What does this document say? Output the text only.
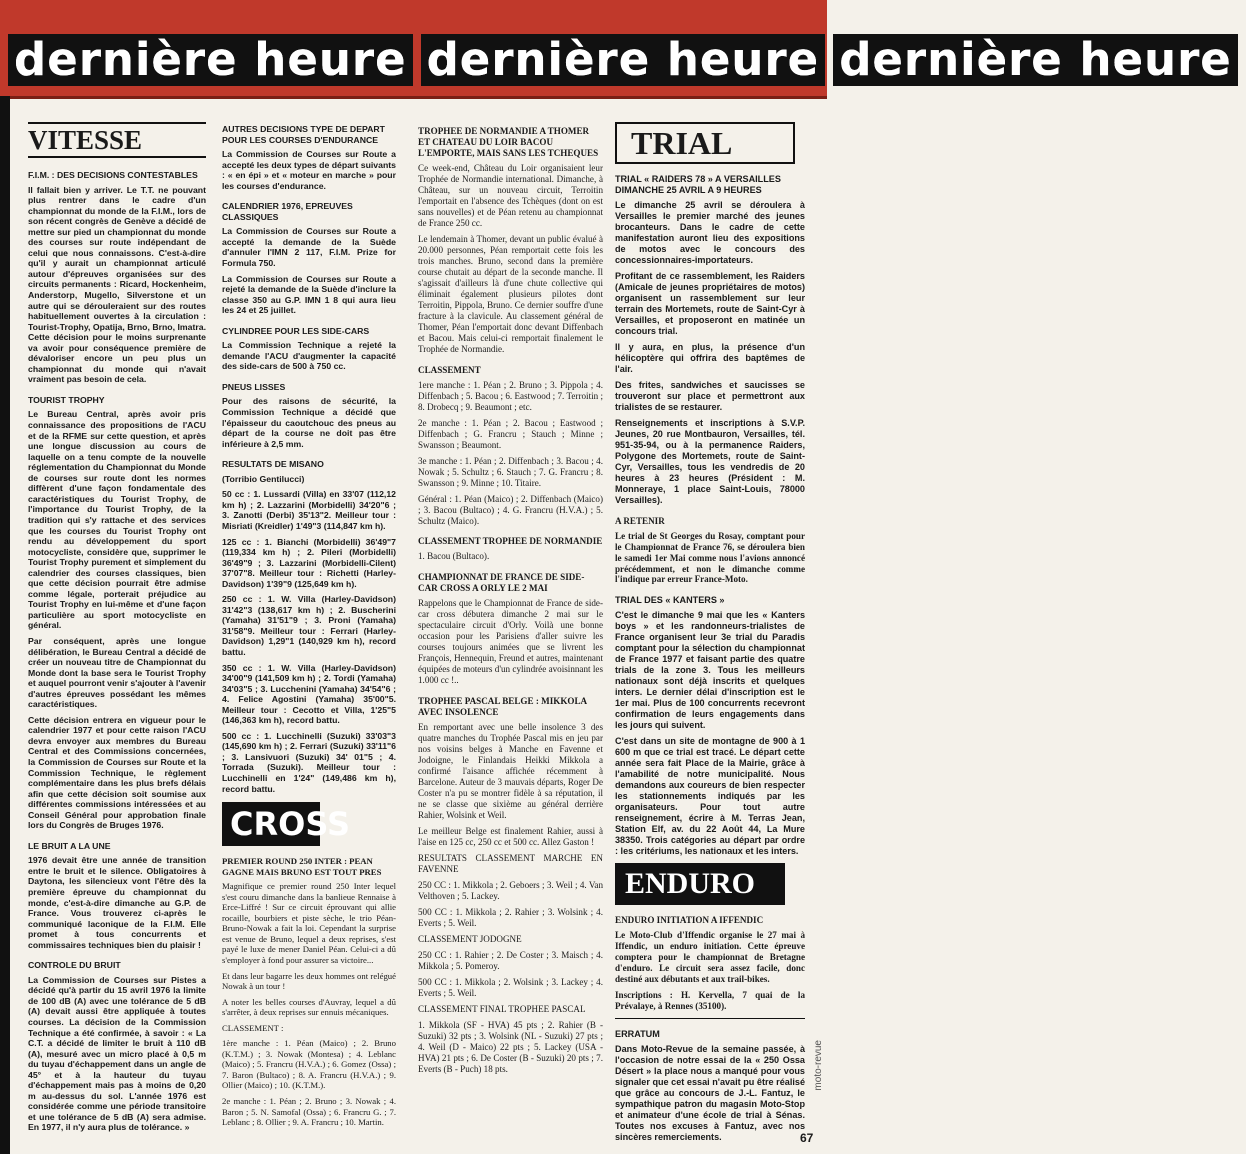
dernière heure dernière heure dernière heure
VITESSE
F.I.M. : DES DECISIONS CONTESTABLES

Il fallait bien y arriver. Le T.T. ne pouvant plus rentrer dans le cadre d'un championnat du monde de la F.I.M., lors de son récent congrès de Genève a décidé de mettre sur pied un championnat du monde des courses sur route indépendant de celui que nous connaissons. C'est-à-dire qu'il y aurait un championnat articulé autour d'épreuves organisées sur des circuits permanents : Ricard, Hockenheim, Anderstorp, Mugello, Silverstone et un autre qui se dérouleraient sur des routes habituellement ouvertes à la circulation : Tourist-Trophy, Opatija, Brno, Brno, Imatra. Cette décision pour le moins surprenante va avoir pour conséquence première de dévaloriser encore un peu plus un championnat du monde qui n'avait vraiment pas besoin de cela.

TOURIST TROPHY

Le Bureau Central, après avoir pris connaissance des propositions de l'ACU et de la RFME sur cette question, et après une longue discussion au cours de laquelle on a tenu compte de la nouvelle réglementation du Championnat du Monde de courses sur route dont les normes diffèrent d'une façon fondamentale des caractéristiques du Tourist Trophy, de l'importance du Tourist Trophy, de la tradition qui s'y rattache et des services que les courses du Tourist Trophy ont rendu au développement du sport motocycliste, considère que, supprimer le Tourist Trophy purement et simplement du calendrier des courses classiques, bien que cette décision pourrait être admise comme légale, porterait préjudice au Tourist Trophy en lui-même et d'une façon particulière au sport motocycliste en général.

Par conséquent, après une longue délibération, le Bureau Central a décidé de créer un nouveau titre de Championnat du Monde dont la base sera le Tourist Trophy et auquel pourront venir s'ajouter à l'avenir d'autres épreuves possédant les mêmes caractéristiques.

Cette décision entrera en vigueur pour le calendrier 1977 et pour cette raison l'ACU devra envoyer aux membres du Bureau Central et des Commissions concernées, la Commission de Courses sur Route et la Commission Technique, le règlement complémentaire dans les plus brefs délais afin que cette décision soit soumise aux différentes commissions intéressées et au Conseil Général pour approbation finale lors du Congrès de Bruges 1976.

LE BRUIT A LA UNE

1976 devait être une année de transition entre le bruit et le silence. Obligatoires à Daytona, les silencieux vont l'être dès la première épreuve du championnat du monde, c'est-à-dire dimanche au G.P. de France. Vous trouverez ci-après le communiqué laconique de la F.I.M. Elle promet à tous concurrents et commissaires techniques bien du plaisir !

CONTROLE DU BRUIT

La Commission de Courses sur Pistes a décidé qu'à partir du 15 avril 1976 la limite de 100 dB (A) avec une tolérance de 5 dB (A) devait aussi être appliquée à toutes courses. La décision de la Commission Technique a été confirmée, à savoir : « La C.T. a décidé de limiter le bruit à 110 dB (A), mesuré avec un micro placé à 0,5 m du tuyau d'échappement dans un angle de 45° et à la hauteur du tuyau d'échappement mais pas à moins de 0,20 m au-dessus du sol. L'année 1976 est considérée comme une période transitoire et une tolérance de 5 dB (A) sera admise. En 1977, il n'y aura plus de tolérance. »

AUTRES DECISIONS TYPE DE DEPART POUR LES COURSES D'ENDURANCE

La Commission de Courses sur Route a accepté les deux types de départ suivants : « en épi » et « moteur en marche » pour les courses d'endurance.

CALENDRIER 1976, EPREUVES CLASSIQUES

La Commission de Courses sur Route a accepté la demande de la Suède d'annuler l'IMN 2 117, F.I.M. Prize for Formula 750.

La Commission de Courses sur Route a rejeté la demande de la Suède d'inclure la classe 350 au G.P. IMN 1 8 qui aura lieu les 24 et 25 juillet.

CYLINDREE POUR LES SIDE-CARS

La Commission Technique a rejeté la demande l'ACU d'augmenter la capacité des side-cars de 500 à 750 cc.

PNEUS LISSES

Pour des raisons de sécurité, la Commission Technique a décidé que l'épaisseur du caoutchouc des pneus au départ de la course ne doit pas être inférieure à 2,5 mm.

RESULTATS DE MISANO

(Torribio Gentilucci)

50 cc : 1. Lussardi (Villa) en 33'07 (112,12 km h) ; 2. Lazzarini (Morbidelli) 34'20"6 ; 3. Zanotti (Derbi) 35'13"2. Meilleur tour : Misriati (Kreidler) 1'49"3 (114,847 km h).

125 cc : 1. Bianchi (Morbidelli) 36'49"7 (119,334 km h) ; 2. Pileri (Morbidelli) 36'49"9 ; 3. Lazzarini (Morbidelli-Cilent) 37'07"8. Meilleur tour : Richetti (Harley-Davidson) 1'39"9 (125,649 km h).

250 cc : 1. W. Villa (Harley-Davidson) 31'42"3 (138,617 km h) ; 2. Buscherini (Yamaha) 31'51"9 ; 3. Proni (Yamaha) 31'58"9. Meilleur tour : Ferrari (Harley-Davidson) 1,29"1 (140,929 km h), record battu.

350 cc : 1. W. Villa (Harley-Davidson) 34'00"9 (141,509 km h) ; 2. Tordi (Yamaha) 34'03"5 ; 3. Lucchenini (Yamaha) 34'54"6 ; 4. Felice Agostini (Yamaha) 35'00"5. Meilleur tour : Cecotto et Villa, 1'25"5 (146,363 km h), record battu.

500 cc : 1. Lucchinelli (Suzuki) 33'03"3 (145,690 km h) ; 2. Ferrari (Suzuki) 33'11"6 ; 3. Lansivuori (Suzuki) 34' 01"5 ; 4. Torrada (Suzuki). Meilleur tour : Lucchinelli en 1'24" (149,486 km h), record battu.

CROSS
PREMIER ROUND 250 INTER : PEAN GAGNE MAIS BRUNO EST TOUT PRES

Magnifique ce premier round 250 Inter lequel s'est couru dimanche dans la banlieue Rennaise à Erce-Liffré ! Sur ce circuit éprouvant qui allie rocaille, bourbiers et piste sèche, le trio Péan-Bruno-Nowak a fait la loi. Cependant la surprise est venue de Bruno, lequel a deux reprises, s'est payé le luxe de mener Daniel Péan. Celui-ci a dû s'employer à fond pour assurer sa victoire...

Et dans leur bagarre les deux hommes ont relégué Nowak à un tour !

A noter les belles courses d'Auvray, lequel a dû s'arrêter, à deux reprises sur ennuis mécaniques.

CLASSEMENT :

1ère manche : 1. Péan (Maico) ; 2. Bruno (K.T.M.) ; 3. Nowak (Montesa) ; 4. Leblanc (Maico) ; 5. Francru (H.V.A.) ; 6. Gomez (Ossa) ; 7. Baron (Bultaco) ; 8. A. Francru (H.V.A.) ; 9. Ollier (Maico) ; 10. (K.T.M.).

2e manche : 1. Péan ; 2. Bruno ; 3. Nowak ; 4. Baron ; 5. N. Samofal (Ossa) ; 6. Francru G. ; 7. Leblanc ; 8. Ollier ; 9. A. Francru ; 10. Martin.

TROPHEE DE NORMANDIE A THOMER ET CHATEAU DU LOIR BACOU L'EMPORTE, MAIS SANS LES TCHEQUES

Ce week-end, Château du Loir organisaient leur Trophée de Normandie international. Dimanche, à Château, sur un nouveau circuit, Terroitin l'emportait en l'absence des Tchèques (dont on est sans nouvelles) et de Péan retenu au championnat de France 250 cc.

Le lendemain à Thomer, devant un public évalué à 20.000 personnes, Péan remportait cette fois les trois manches. Bruno, second dans la première course chutait au départ de la seconde manche. Il s'agissait d'ailleurs là d'une chute collective qui éliminait également plusieurs pilotes dont Terroitin, Pippola, Bruno. Ce dernier souffre d'une fracture à la clavicule. Au classement général de Thomer, Péan l'emportait donc devant Diffenbach et Bacou. Mais celui-ci remportait finalement le Trophée de Normandie.

CLASSEMENT

1ere manche : 1. Péan ; 2. Bruno ; 3. Pippola ; 4. Diffenbach ; 5. Bacou ; 6. Eastwood ; 7. Terroitin ; 8. Drobecq ; 9. Beaumont ; etc.

2e manche : 1. Péan ; 2. Bacou ; Eastwood ; Diffenbach ; G. Francru ; Stauch ; Minne ; Swansson ; Beaumont.

3e manche : 1. Péan ; 2. Diffenbach ; 3. Bacou ; 4. Nowak ; 5. Schultz ; 6. Stauch ; 7. G. Francru ; 8. Swansson ; 9. Minne ; 10. Titaire.

Général : 1. Péan (Maico) ; 2. Diffenbach (Maico) ; 3. Bacou (Bultaco) ; 4. G. Francru (H.V.A.) ; 5. Schultz (Maico).

CLASSEMENT TROPHEE DE NORMANDIE

1. Bacou (Bultaco).

CHAMPIONNAT DE FRANCE DE SIDE-CAR CROSS A ORLY LE 2 MAI

Rappelons que le Championnat de France de side-car cross débutera dimanche 2 mai sur le spectaculaire circuit d'Orly. Voilà une bonne occasion pour les Parisiens d'aller suivre les courses toujours animées que se livrent les François, Hennequin, Freund et autres, maintenant équipées de moteurs d'un cylindrée avoisinnant les 1.000 cc !..

TROPHEE PASCAL BELGE : MIKKOLA AVEC INSOLENCE

En remportant avec une belle insolence 3 des quatre manches du Trophée Pascal mis en jeu par nos voisins belges à Manche en Favenne et Jodoigne, le Finlandais Heikki Mikkola a confirmé l'aisance affichée récemment à Barcelone. Auteur de 3 mauvais départs, Roger De Coster n'a pu se montrer fidèle à sa réputation, il ne se classe que sixième au général derrière Rahier, Wolsink et Weil.

Le meilleur Belge est finalement Rahier, aussi à l'aise en 125 cc, 250 cc et 500 cc. Allez Gaston !

RESULTATS CLASSEMENT MARCHE EN FAVENNE

250 CC : 1. Mikkola ; 2. Geboers ; 3. Weil ; 4. Van Velthoven ; 5. Lackey.

500 CC : 1. Mikkola ; 2. Rahier ; 3. Wolsink ; 4. Everts ; 5. Weil.

CLASSEMENT JODOGNE

250 CC : 1. Rahier ; 2. De Coster ; 3. Maisch ; 4. Mikkola ; 5. Pomeroy.

500 CC : 1. Mikkola ; 2. Wolsink ; 3. Lackey ; 4. Everts ; 5. Weil.

CLASSEMENT FINAL TROPHEE PASCAL

1. Mikkola (SF - HVA) 45 pts ; 2. Rahier (B - Suzuki) 32 pts ; 3. Wolsink (NL - Suzuki) 27 pts ; 4. Weil (D - Maico) 22 pts ; 5. Lackey (USA - HVA) 21 pts ; 6. De Coster (B - Suzuki) 20 pts ; 7. Everts (B - Puch) 18 pts.

TRIAL
TRIAL « RAIDERS 78 » A VERSAILLES DIMANCHE 25 AVRIL A 9 HEURES

Le dimanche 25 avril se déroulera à Versailles le premier marché des jeunes brocanteurs. Dans le cadre de cette manifestation auront lieu des expositions de motos avec le concours des concessionnaires-importateurs.

Profitant de ce rassemblement, les Raiders (Amicale de jeunes propriétaires de motos) organisent un rassemblement sur leur terrain des Mortemets, route de Saint-Cyr à Versailles, et proposeront en matinée un concours trial.

Il y aura, en plus, la présence d'un hélicoptère qui offrira des baptêmes de l'air.

Des frites, sandwiches et saucisses se trouveront sur place et permettront aux trialistes de se restaurer.

Renseignements et inscriptions à S.V.P. Jeunes, 20 rue Montbauron, Versailles, tél. 951-35-94, ou à la permanence Raiders, Polygone des Mortemets, route de Saint-Cyr, Versailles, tous les vendredis de 20 heures à 23 heures (Président : M. Monneraye, 1 place Saint-Louis, 78000 Versailles).

A RETENIR

Le trial de St Georges du Rosay, comptant pour le Championnat de France 76, se déroulera bien le samedi 1er Mai comme nous l'avions annoncé précédemment, et non le dimanche comme l'indique par erreur France-Moto.

TRIAL DES « KANTERS »

C'est le dimanche 9 mai que les « Kanters boys » et les randonneurs-trialistes de France organisent leur 3e trial du Paradis comptant pour la sélection du championnat de France 1977 et faisant partie des quatre trials de la zone 3. Tous les meilleurs nationaux sont déjà inscrits et quelques inters. Le dernier délai d'inscription est le 1er mai. Plus de 100 concurrents recevront confirmation de leurs engagements dans les jours qui suivent.

C'est dans un site de montagne de 900 à 1 600 m que ce trial est tracé. Le départ cette année sera fait Place de la Mairie, grâce à l'amabilité de notre municipalité. Nous demandons aux coureurs de bien respecter les stationnements indiqués par les organisateurs. Pour tout autre renseignement, écrire à M. Terras Jean, Station Elf, av. du 22 Août 44, La Mure 38350. Trois catégories au départ par ordre : les critériums, les nationaux et les inters.

ENDURO
ENDURO INITIATION A IFFENDIC

Le Moto-Club d'Iffendic organise le 27 mai à Iffendic, un enduro initiation. Cette épreuve comptera pour le championnat de Bretagne d'enduro. Le circuit sera assez facile, donc destiné aux débutants et aux trail-bikes.

Inscriptions : H. Kervella, 7 quai de la Prévalaye, à Rennes (35100).

ERRATUM

Dans Moto-Revue de la semaine passée, à l'occasion de notre essai de la « 250 Ossa Désert » la place nous a manqué pour vous signaler que cet essai n'avait pu être réalisé que grâce au concours de J.-L. Fantuz, le sympathique patron du magasin Moto-Stop et animateur d'une école de trial à Sénas. Toutes nos excuses à Fantuz, avec nos sincères remerciements.

moto-revue
67
